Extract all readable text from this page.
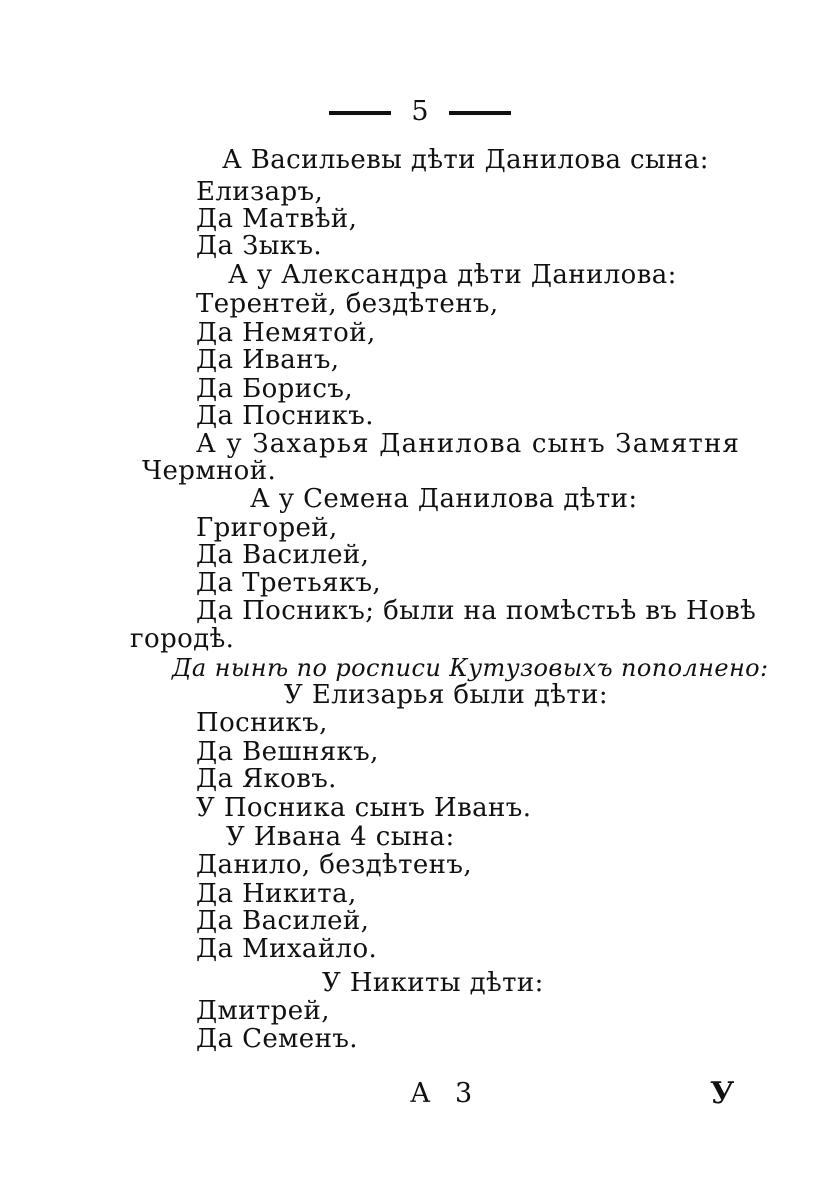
5
А Васильевы дѣти Данилова сына:
Елизаръ,
Да Матвѣй,
Да Зыкъ.
А у Александра дѣти Данилова:
Терентей, бездѣтенъ,
Да Немятой,
Да Иванъ,
Да Борисъ,
Да Посникъ.
А у Захарья Данилова сынъ Замятня
Чермной.
А у Семена Данилова дѣти:
Григорей,
Да Василей,
Да Третьякъ,
Да Посникъ; были на помѣстьѣ въ Новѣ
городѣ.
Да нынѣ по росписи Кутузовыхъ пополнено:
У Елизарья были дѣти:
Посникъ,
Да Вешнякъ,
Да Яковъ.
У Посника сынъ Иванъ.
У Ивана 4 сына:
Данило, бездѣтенъ,
Да Никита,
Да Василей,
Да Михайло.
У Никиты дѣти:
Дмитрей,
Да Семенъ.
А 3	У
